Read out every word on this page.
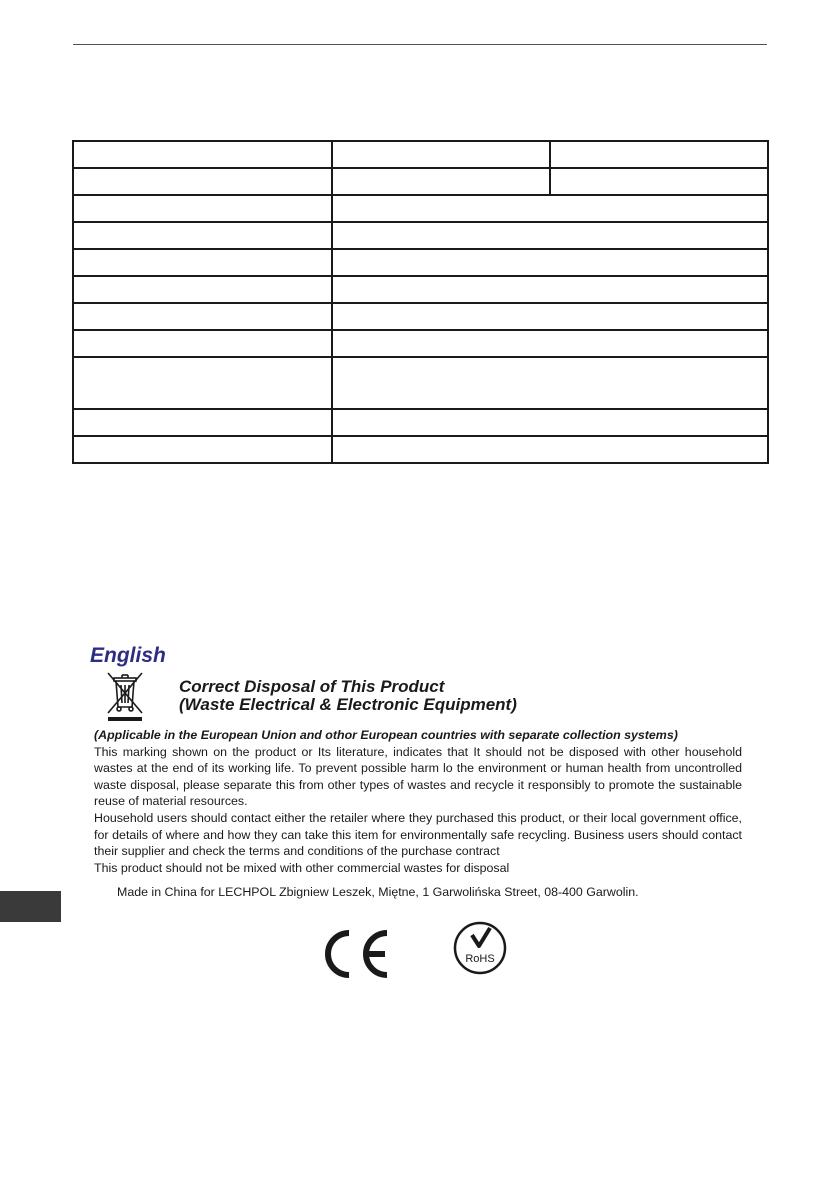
English
Correct Disposal of This Product
(Waste Electrical & Electronic Equipment)

(Applicable in the European Union and othor European countries with separate collection systems)

This marking shown on the product or Its literature, indicates that It should not be disposed with other household wastes at the end of its working life. To prevent possible harm lo the environment or human health from uncontrolled waste disposal, please separate this from other types of wastes and recycle it responsibly to promote the sustainable reuse of material resources.

Household users should contact either the retailer where they purchased this product, or their local government office, for details of where and how they can take this item for environmentally safe recycling. Business users should contact their supplier and check the terms and conditions of the purchase contract

This product should not be mixed with other commercial wastes for disposal

Made in China for LECHPOL Zbigniew Leszek, Miętne, 1 Garwolińska Street, 08-400 Garwolin.

RoHS
